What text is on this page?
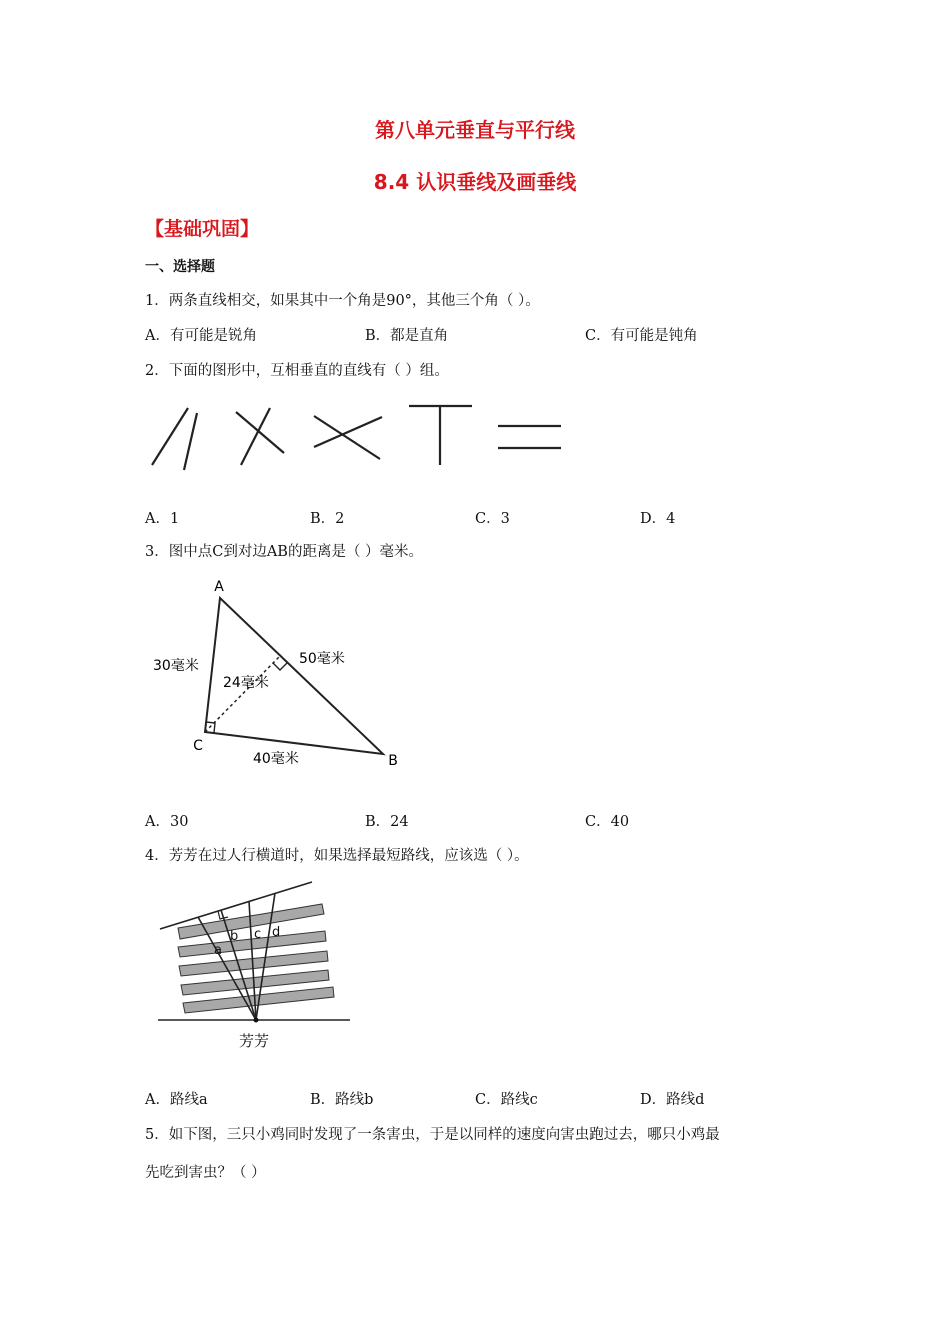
第八单元垂直与平行线
8.4 认识垂线及画垂线
【基础巩固】
一、选择题
1．两条直线相交，如果其中一个角是90°，其他三个角（ ）。
A．有可能是锐角	B．都是直角	C．有可能是钝角
2．下面的图形中，互相垂直的直线有（ ）组。
A．1	B．2	C．3	D．4
3．图中点C到对边AB的距离是（ ）毫米。
A
B
C
30毫米	50毫米
40毫米
24毫米
A．30	B．24	C．40
4．芳芳在过人行横道时，如果选择最短路线，应该选（ ）。
a
b c d
芳芳
A．路线a	B．路线b	C．路线c	D．路线d
5．如下图，三只小鸡同时发现了一条害虫，于是以同样的速度向害虫跑过去，哪只小鸡最
先吃到害虫？（ ）
